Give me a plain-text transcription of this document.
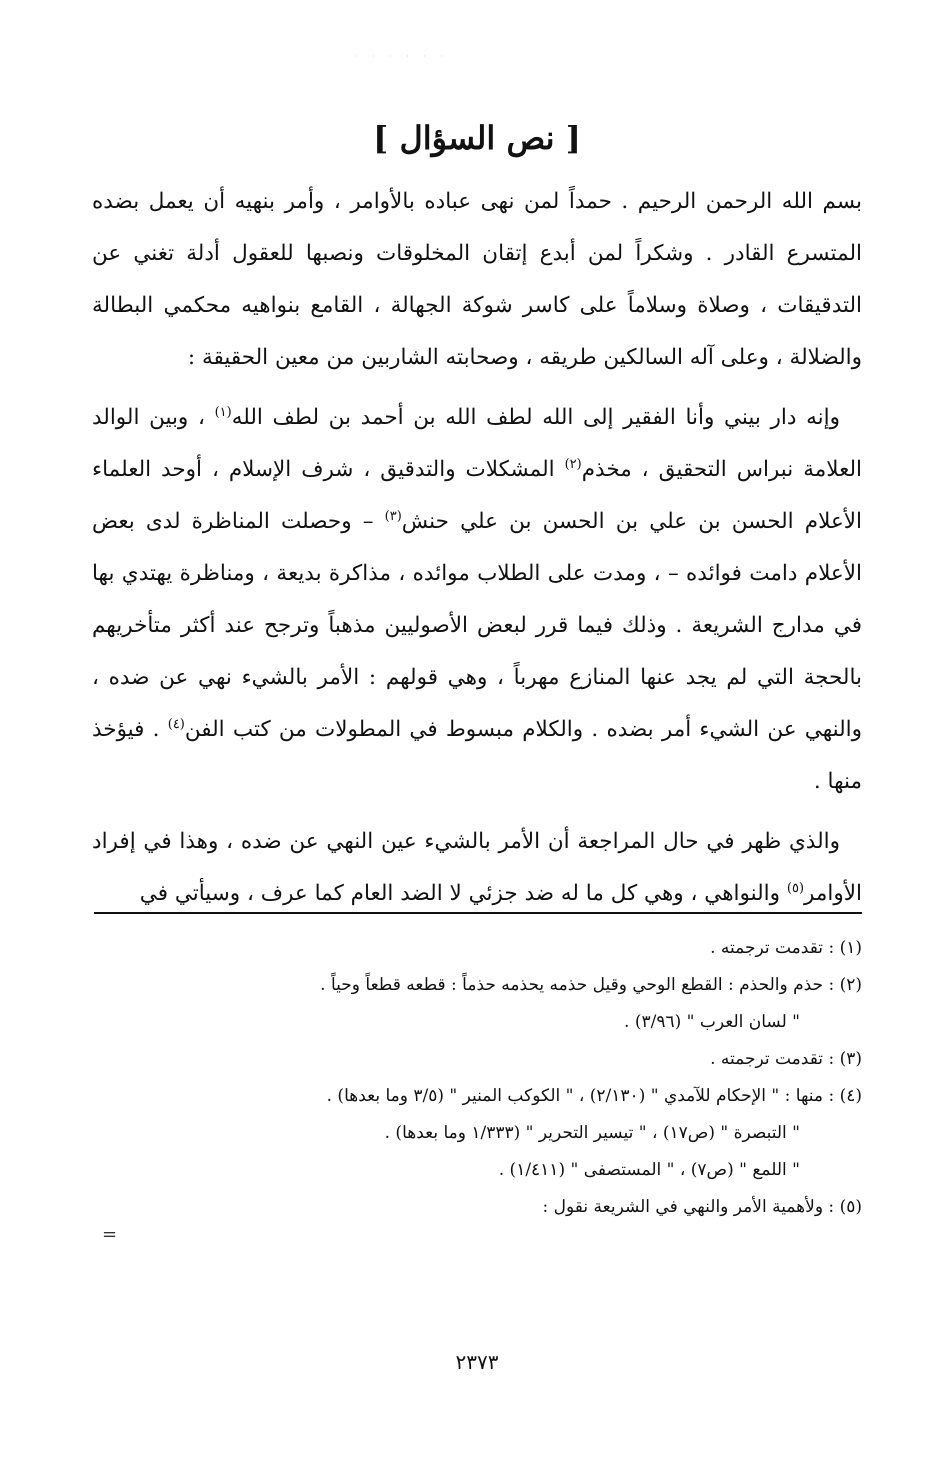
· · · · · ·
[ نص السؤال ]

بسم الله الرحمن الرحيم . حمداً لمن نهى عباده بالأوامر ، وأمر بنهيه أن يعمل بضده المتسرع القادر . وشكراً لمن أبدع إتقان المخلوقات ونصبها للعقول أدلة تغني عن التدقيقات ، وصلاة وسلاماً على كاسر شوكة الجهالة ، القامع بنواهيه محكمي البطالة والضلالة ، وعلى آله السالكين طريقه ، وصحابته الشاربين من معين الحقيقة :

وإنه دار بيني وأنا الفقير إلى الله لطف الله بن أحمد بن لطف الله$^{(١)}$ ، وبين الوالد العلامة نبراس التحقيق ، مخذم$^{(٢)}$ المشكلات والتدقيق ، شرف الإسلام ، أوحد العلماء الأعلام الحسن بن علي بن الحسن بن علي حنش$^{(٣)}$ – وحصلت المناظرة لدى بعض الأعلام دامت فوائده – ، ومدت على الطلاب موائده ، مذاكرة بديعة ، ومناظرة يهتدي بها في مدارج الشريعة . وذلك فيما قرر لبعض الأصوليين مذهباً وترجح عند أكثر متأخريهم بالحجة التي لم يجد عنها المنازع مهرباً ، وهي قولهم : الأمر بالشيء نهي عن ضده ، والنهي عن الشيء أمر بضده . والكلام مبسوط في المطولات من كتب الفن$^{(٤)}$ . فيؤخذ منها .

والذي ظهر في حال المراجعة أن الأمر بالشيء عين النهي عن ضده ، وهذا في إفراد الأوامر$^{(٥)}$ والنواهي ، وهي كل ما له ضد جزئي لا الضد العام كما عرف ، وسيأتي في

(١) : تقدمت ترجمته .
(٢) : حذم والحذم : القطع الوحي وقيل حذمه يحذمه حذماً : قطعه قطعاً وحياً .
" لسان العرب " (٣/٩٦) .
(٣) : تقدمت ترجمته .
(٤) : منها : " الإحكام للآمدي " (٢/١٣٠) ، " الكوكب المنير " (٣/٥ وما بعدها) .
" التبصرة " (ص١٧) ، " تيسير التحرير " (١/٣٣٣ وما بعدها) .
" اللمع " (ص٧) ، " المستصفى " (١/٤١١) .
(٥) : ولأهمية الأمر والنهي في الشريعة نقول :
=
٢٣٧٣
